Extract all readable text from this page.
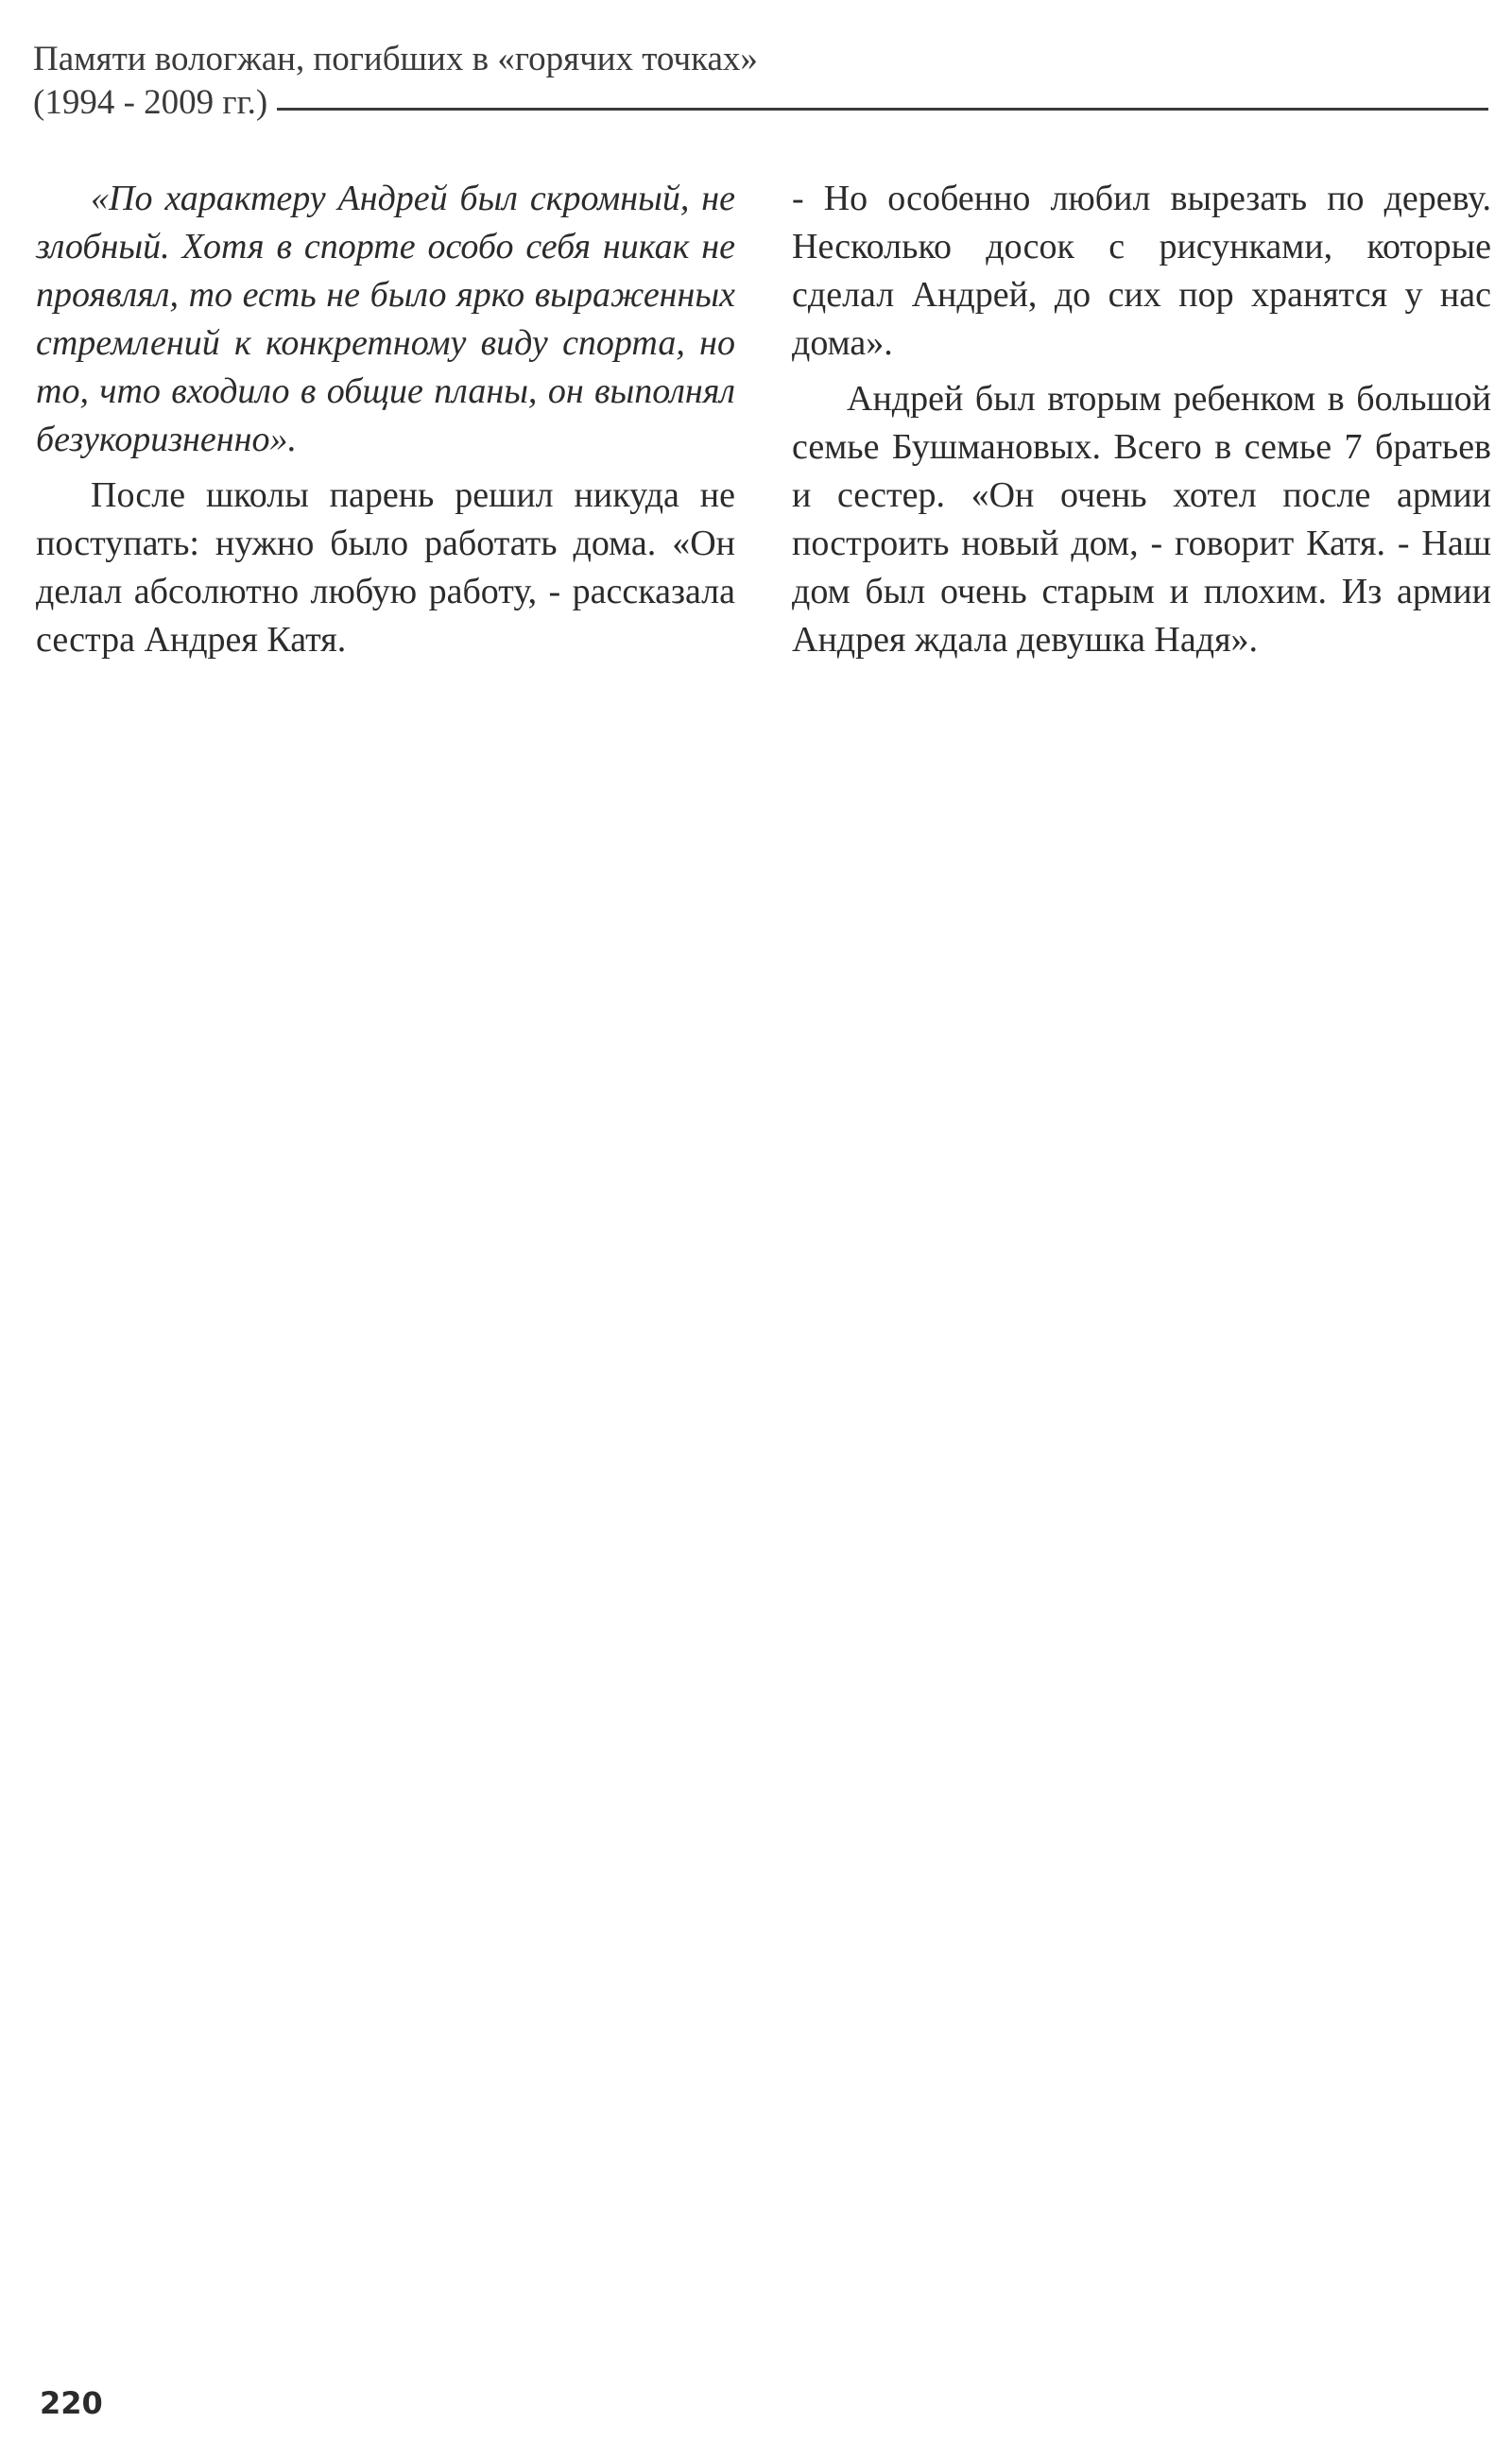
Памяти вологжан, погибших в «горячих точках»
(1994 - 2009 гг.)

«По характеру Андрей был скромный, не злобный. Хотя в спорте особо себя никак не проявлял, то есть не было ярко выраженных стремлений к конкретному виду спорта, но то, что входило в общие планы, он выполнял безукоризненно».

После школы парень решил никуда не поступать: нужно было работать дома. «Он делал абсолютно любую работу, - рассказала сестра Андрея Катя.

- Но особенно любил вырезать по дереву. Несколько досок с рисунками, которые сделал Андрей, до сих пор хранятся у нас дома».

Андрей был вторым ребенком в большой семье Бушмановых. Всего в семье 7 братьев и сестер. «Он очень хотел после армии построить новый дом, - говорит Катя. - Наш дом был очень старым и плохим. Из армии Андрея ждала девушка Надя».

220
